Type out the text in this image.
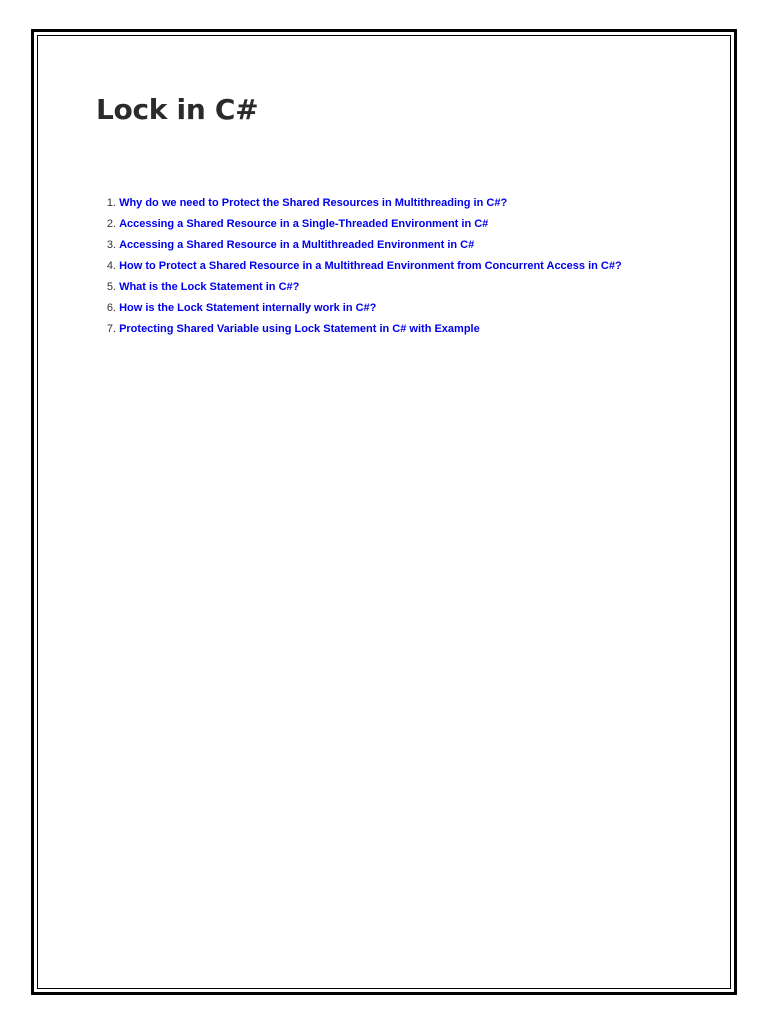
Lock in C#
1. Why do we need to Protect the Shared Resources in Multithreading in C#?
2. Accessing a Shared Resource in a Single-Threaded Environment in C#
3. Accessing a Shared Resource in a Multithreaded Environment in C#
4. How to Protect a Shared Resource in a Multithread Environment from Concurrent Access in C#?
5. What is the Lock Statement in C#?
6. How is the Lock Statement internally work in C#?
7. Protecting Shared Variable using Lock Statement in C# with Example
